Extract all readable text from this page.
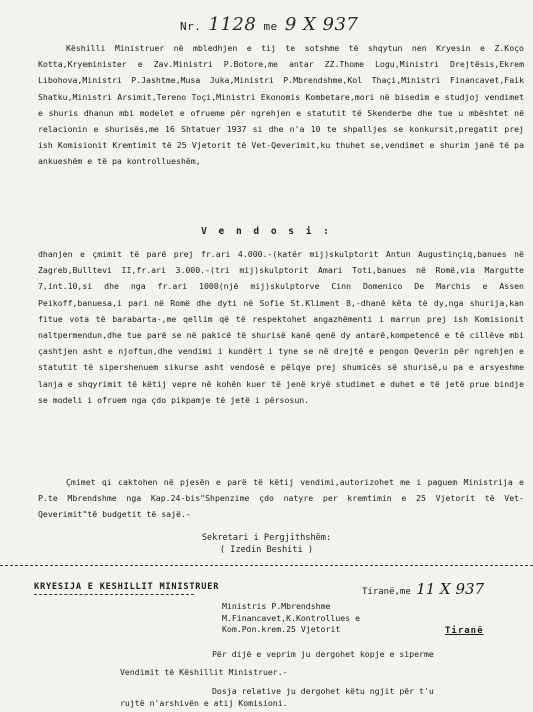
Nr. 1128 me 9 X 937
Këshilli Ministruer në mbledhjen e tij te sotshme të shqytun nen Kryesin e Z.Koço Kotta,Kryeminister e Zav.Ministri P.Botore,me antar ZZ.Thome Logu,Ministri Drejtësis,Ekrem Libohova,Ministri P.Jashtme,Musa Juka,Ministri P.Mbrendshme,Kol Thaçi,Ministri Financavet,Faik Shatku,Ministri Arsimit,Tereno Toçi,Ministri Ekonomis Kombetare,mori në bisedim e studjoj vendimet e shuris dhanun mbi modelet e ofrueme për ngrehjen e statutit të Skenderbe dhe tue u mbështet në relacionin e shurisës,me 16 Shtatuer 1937 si dhe n'a 10 te shpalljes se konkursit,pregatit prej ish Komisionit Kremtimit të 25 Vjetorit të Vet-Qeverimit,ku thuhet se,vendimet e shurim janë të pa ankueshëm e të pa kontrollueshëm,
V e n d o s i :
dhanjen e çmimit të parë prej fr.ari 4.000.-(katër mij)skulptorit Antun Augustinçiq,banues në Zagreb,Bulltevi II,fr.ari 3.000.-(tri mij)skulptorit Amari Toti,banues në Romë,via Margutte 7,int.10,si dhe nga fr.ari 1000(një mij)skulptorve Cinn Domenico De Marchis e Assen Peikoff,banuesa,i pari në Romë dhe dyti në Sofie St.Kliment 8,-dhanë këta të dy,nga shurija,kan fitue vota të barabarta-,me qellim që të respektohet angazhëmenti i marrun prej ish Komisionit naltpermendun,dhe tue parë se në pakicë të shurisë kanë qenë dy antarë,kompetencë e të cillëve mbi çashtjen asht e njoftun,dhe vendimi i kundërt i tyne se në drejtë e pengon Qeverin për ngrehjen e statutit të sipershenuem sikurse asht vendosë e pëlqye prej shumicës së shurisë,u pa e arsyeshme lanja e shqyrimit të këtij vepre në kohën kuer të jenë kryë studimet e duhet e të jetë prue bindje se modeli i ofruem nga çdo pikpamje të jetë i përsosun.
Çmimet qi caktohen në pjesën e parë të këtij vendimi,autorizohet me i paguem Ministrija e P.te Mbrendshme nga Kap.24-bis"Shpenzime çdo natyre per kremtimin e 25 Vjetorit të Vet-Qeverimit"të budgetit të sajë.-
Sekretari i Pergjithshëm:
( Izedin Beshiti )
KRYESIJA E KESHILLIT MINISTRUER	Tiranë,me 11 X 937
Ministris P.Mbrendshme
M.Financavet,K.Kontrollues e
Kom.Pon.krem.25 Vjetorit	Tiranë
Për dijë e veprim ju dergohet kopje e siperme
Vendimit të Këshillit Ministruer.-
Dosja relative ju dergohet këtu ngjit për t'u
rujtë n'arshivën e atij Komisioni.
